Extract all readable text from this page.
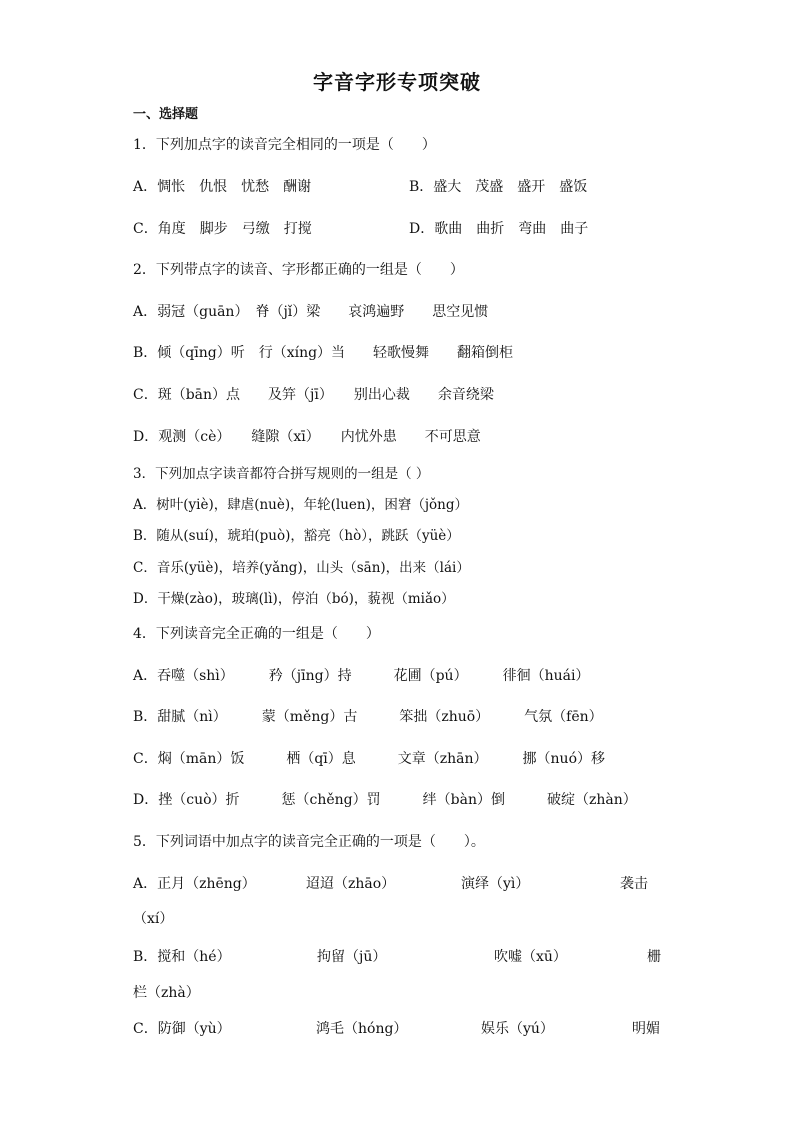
字音字形专项突破
一、选择题
1．下列加点字的读音完全相同的一项是（　　）
A．惆怅　仇恨　忧愁　酬谢	B．盛大　茂盛　盛开　盛饭
C．角度　脚步　弓缴　打搅	D．歌曲　曲折　弯曲　曲子
2．下列带点字的读音、字形都正确的一组是（　　）
A．弱冠（guān）　脊（jǐ）梁　　哀鸿遍野　　思空见惯
B．倾（qīng）听　行（xíng）当　　轻歌慢舞　　翻箱倒柜
C．斑（bān）点　　及笄（jī）　　别出心裁　　余音绕梁
D．观测（cè）　　缝隙（xī）　　内忧外患　　不可思意
3．下列加点字读音都符合拼写规则的一组是（ ）
A．树叶(yiè)，肆虐(nuè)，年轮(luen)，困窘（jǒng）
B．随从(suí)，琥珀(può)，豁亮（hò），跳跃（yüè）
C．音乐(yüè)，培养(yǎng)，山头（sān)，出来（lái）
D．干燥(zào)，玻璃(lì)，停泊（bó)，藐视（miǎo）
4．下列读音完全正确的一组是（　　）
A．吞噬（shì）　　　矜（jīng）持　　　花圃（pú）　　　徘徊（huái）
B．甜腻（nì）　　　蒙（měng）古　　　笨拙（zhuō）　　　气氛（fēn）
C．焖（mān）饭　　　栖（qī）息　　　文章（zhān）　　　挪（nuó）移
D．挫（cuò）折　　　惩（chěng）罚　　　绊（bàn）倒　　　破绽（zhàn）
5．下列词语中加点字的读音完全正确的一项是（　　）。
A．正月（zhēng）	迢迢（zhāo）	演绎（yì）	袭击
（xí）
B．搅和（hé）	拘留（jū）	吹嘘（xū）	栅
栏（zhà）
C．防御（yù）	鸿毛（hóng）	娱乐（yú）	明媚
